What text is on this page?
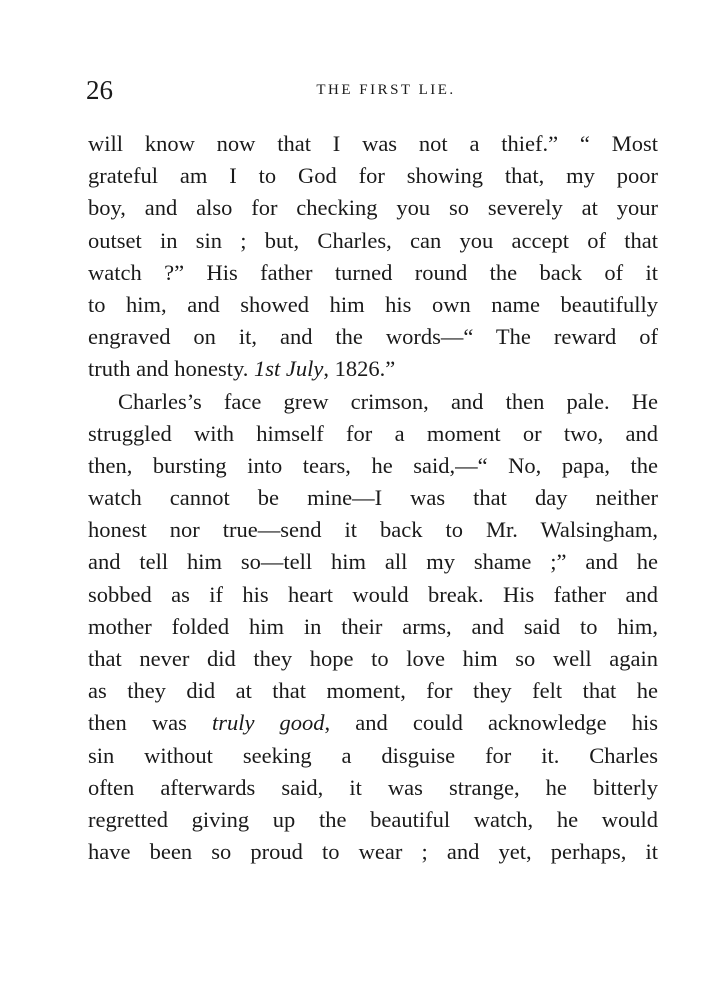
26	THE FIRST LIE.
will know now that I was not a thief.” “ Most
grateful am I to God for showing that, my poor
boy, and also for checking you so severely at your
outset in sin ; but, Charles, can you accept of that
watch ?” His father turned round the back of it
to him, and showed him his own name beautifully
engraved on it, and the words—“ The reward of
truth and honesty. 1st July, 1826.”
Charles’s face grew crimson, and then pale. He
struggled with himself for a moment or two, and
then, bursting into tears, he said,—“ No, papa, the
watch cannot be mine—I was that day neither
honest nor true—send it back to Mr. Walsingham,
and tell him so—tell him all my shame ;” and he
sobbed as if his heart would break. His father and
mother folded him in their arms, and said to him,
that never did they hope to love him so well again
as they did at that moment, for they felt that he
then was truly good, and could acknowledge his
sin without seeking a disguise for it. Charles
often afterwards said, it was strange, he bitterly
regretted giving up the beautiful watch, he would
have been so proud to wear ; and yet, perhaps, it
